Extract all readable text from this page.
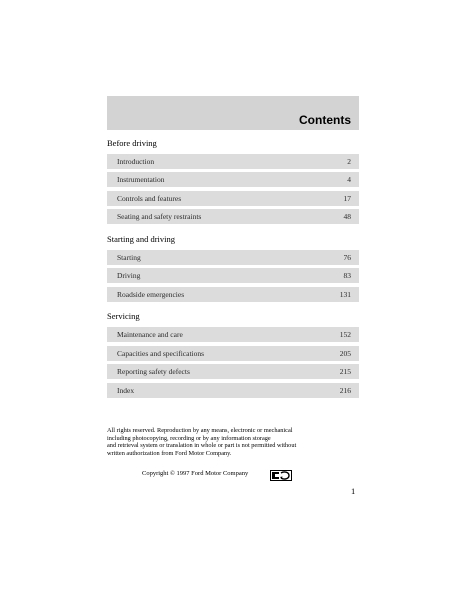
Contents
Before driving
Introduction	2
Instrumentation	4
Controls and features	17
Seating and safety restraints	48
Starting and driving
Starting	76
Driving	83
Roadside emergencies	131
Servicing
Maintenance and care	152
Capacities and specifications	205
Reporting safety defects	215
Index	216
All rights reserved. Reproduction by any means, electronic or mechanical
including photocopying, recording or by any information storage
and retrieval system or translation in whole or part is not permitted without
written authorization from Ford Motor Company.
Copyright © 1997 Ford Motor Company
1
